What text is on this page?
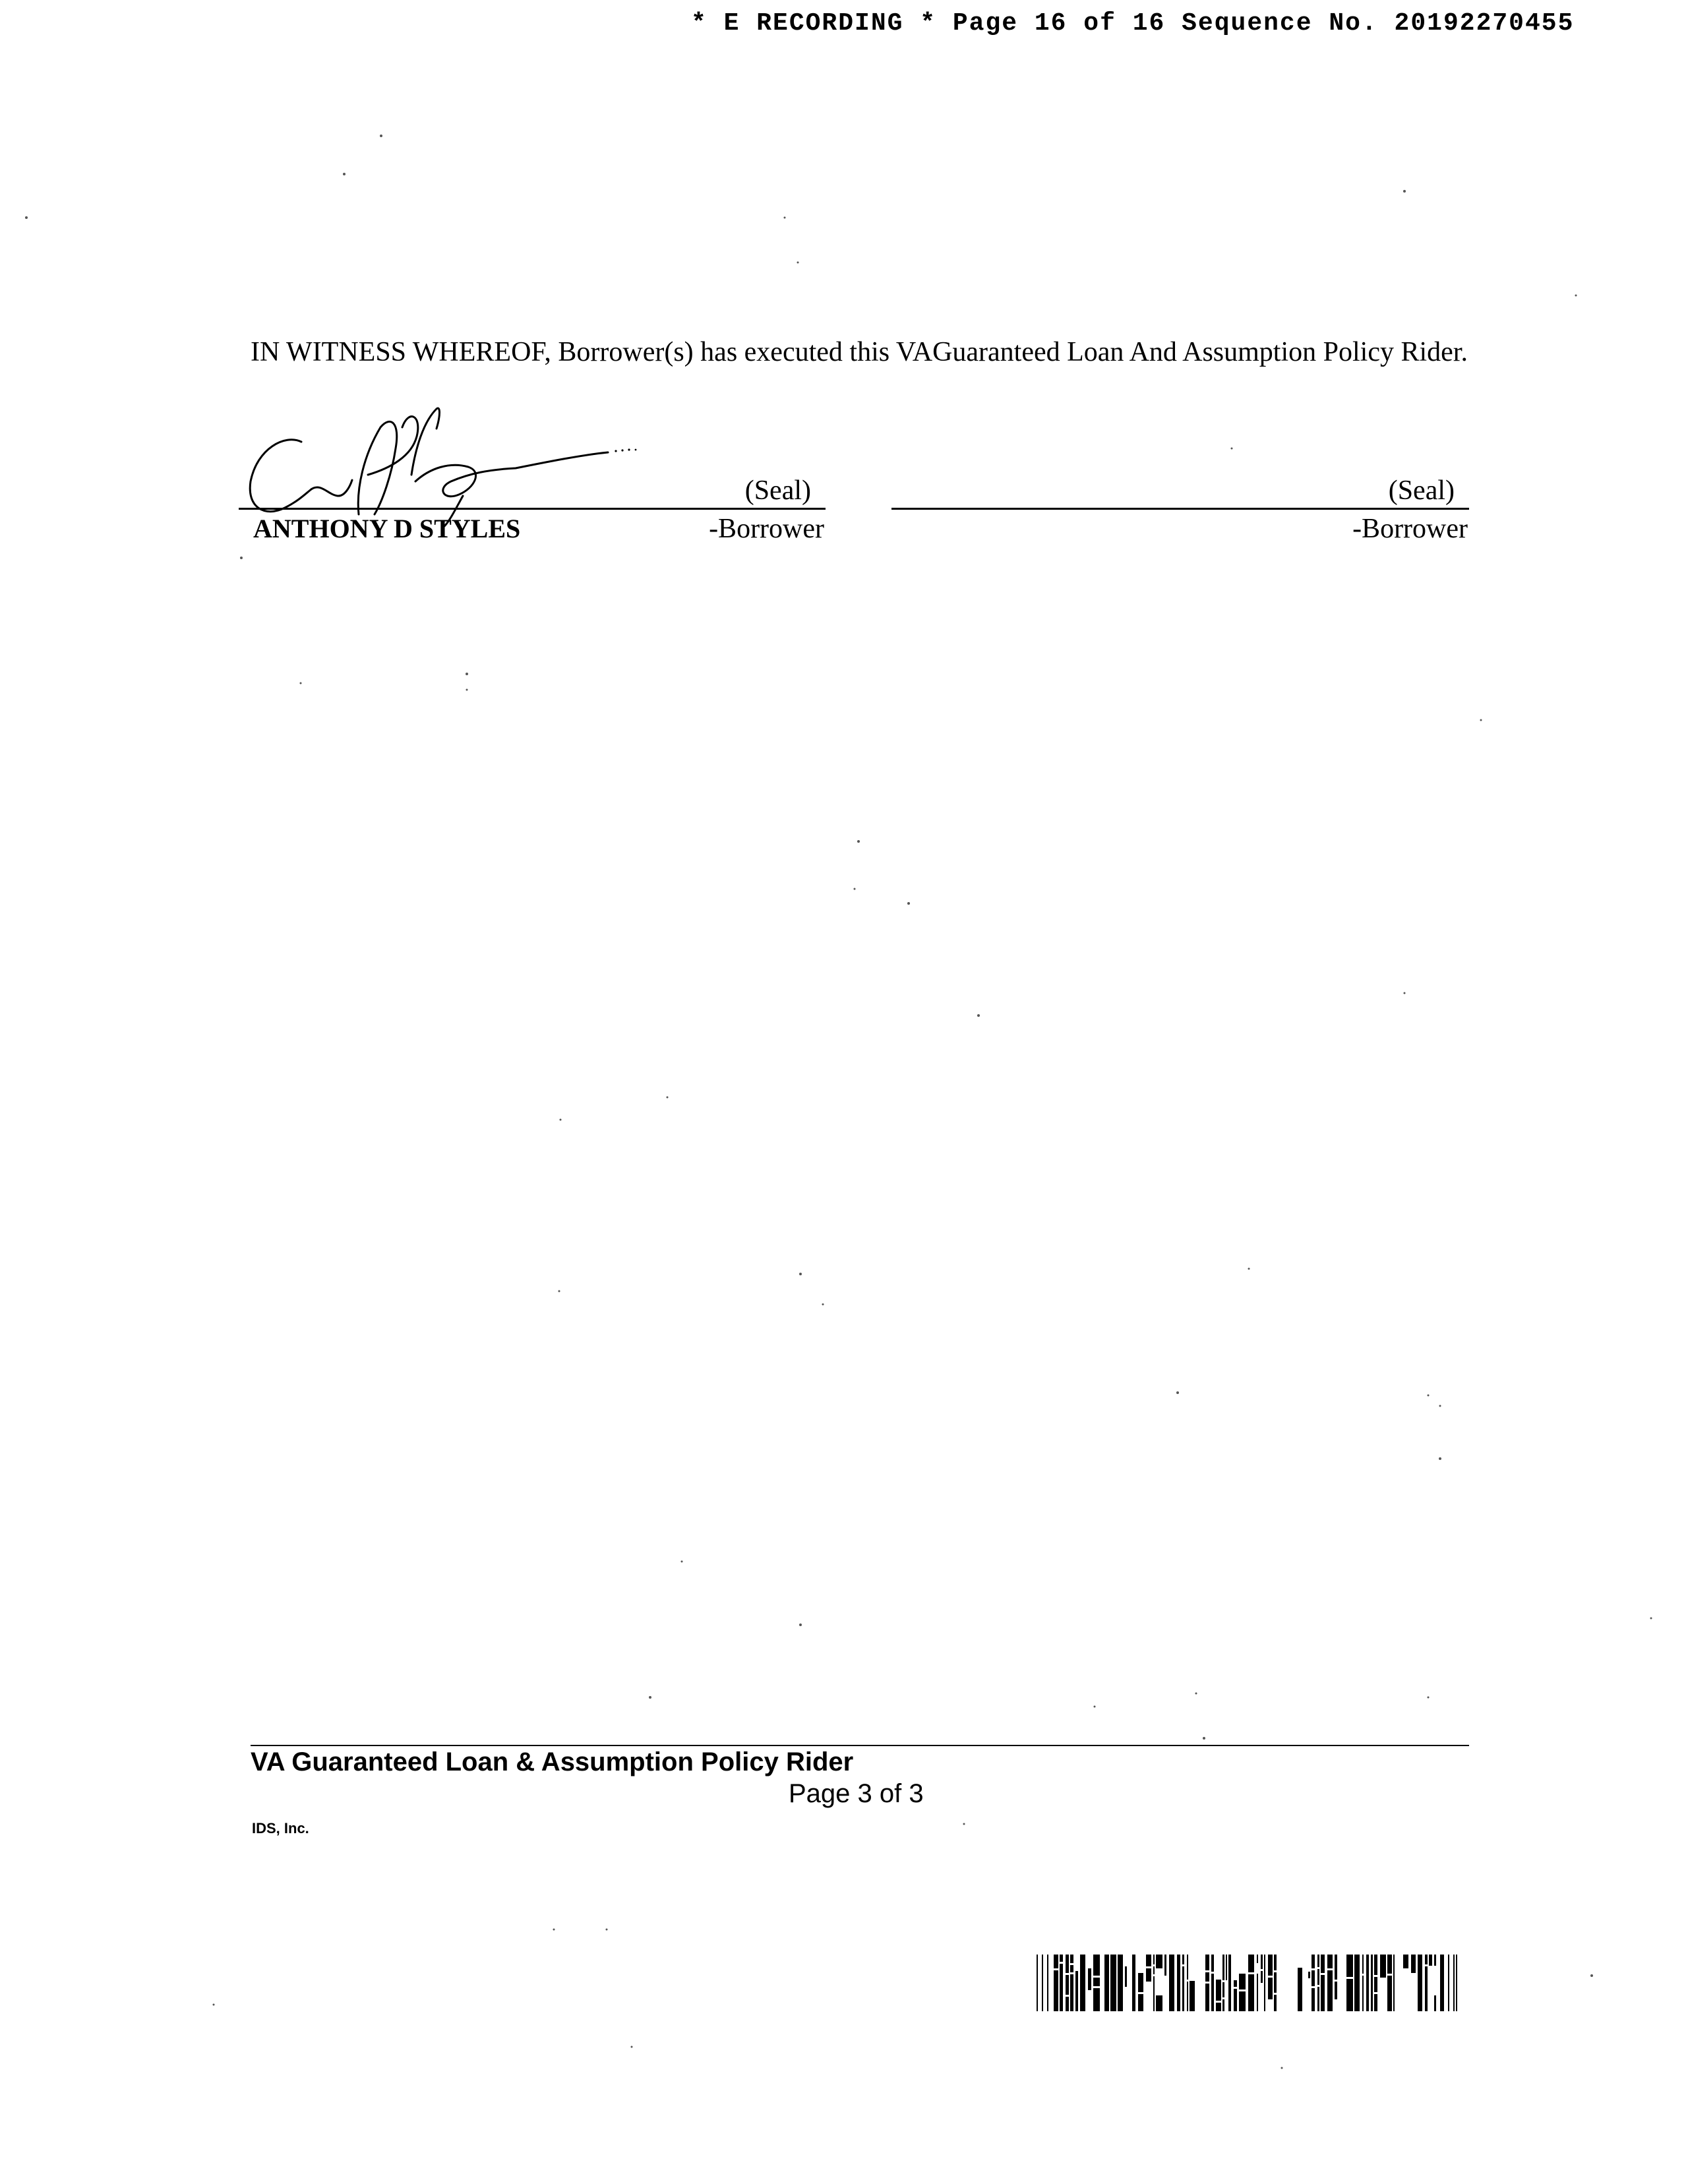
* E RECORDING * Page 16 of 16 Sequence No. 20192270455
IN WITNESS WHEREOF, Borrower(s) has executed this VAGuaranteed Loan And Assumption Policy Rider.
(Seal)
ANTHONY D STYLES	-Borrower
(Seal)
-Borrower
VA Guaranteed Loan & Assumption Policy Rider
Page 3 of 3
IDS, Inc.
